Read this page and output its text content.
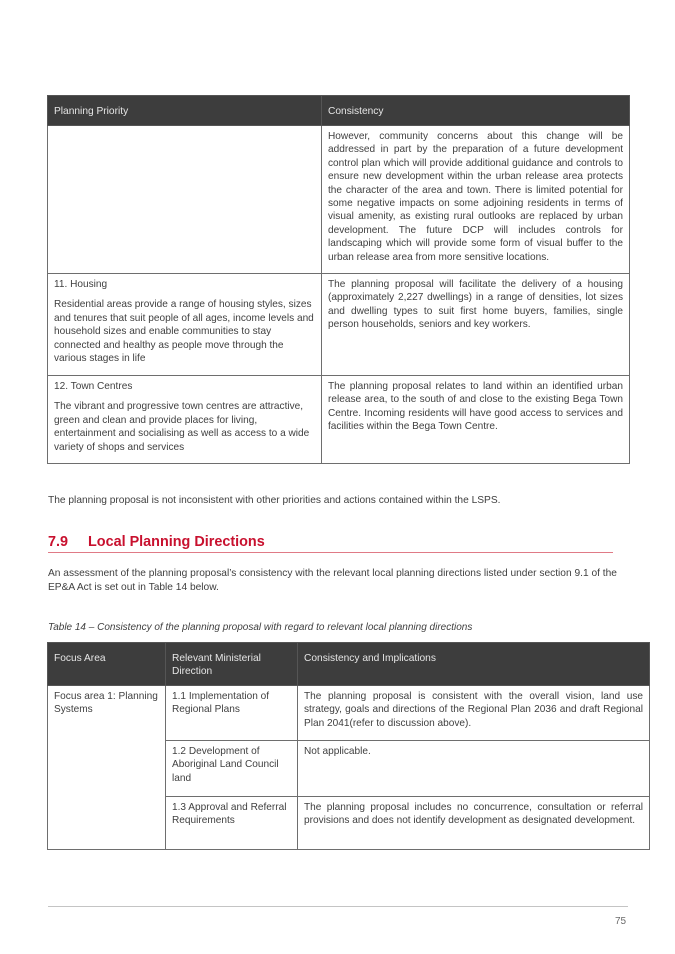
Planning Priority	Consistency
	However, community concerns about this change will be addressed in part by the preparation of a future development control plan which will provide additional guidance and controls to ensure new development within the urban release area protects the character of the area and town. There is limited potential for some negative impacts on some adjoining residents in terms of visual amenity, as existing rural outlooks are replaced by urban development. The future DCP will includes controls for landscaping which will provide some form of visual buffer to the urban release area from more sensitive locations.

11. Housing

Residential areas provide a range of housing styles, sizes and tenures that suit people of all ages, income levels and household sizes and enable communities to stay connected and healthy as people move through the various stages in life

	The planning proposal will facilitate the delivery of a housing (approximately 2,227 dwellings) in a range of densities, lot sizes and dwelling types to suit first home buyers, families, single person households, seniors and key workers.

12. Town Centres

The vibrant and progressive town centres are attractive, green and clean and provide places for living, entertainment and socialising as well as access to a wide variety of shops and services

	The planning proposal relates to land within an identified urban release area, to the south of and close to the existing Bega Town Centre. Incoming residents will have good access to services and facilities within the Bega Town Centre.

The planning proposal is not inconsistent with other priorities and actions contained within the LSPS.

7.9 Local Planning Directions

An assessment of the planning proposal’s consistency with the relevant local planning directions listed under section 9.1 of the EP&A Act is set out in Table 14 below.

Table 14 – Consistency of the planning proposal with regard to relevant local planning directions
Focus Area	Relevant Ministerial Direction	Consistency and Implications
Focus area 1: Planning Systems	1.1 Implementation of Regional Plans	The planning proposal is consistent with the overall vision, land use strategy, goals and directions of the Regional Plan 2036 and draft Regional Plan 2041(refer to discussion above).
	1.2 Development of Aboriginal Land Council land	Not applicable.
	1.3 Approval and Referral Requirements	The planning proposal includes no concurrence, consultation or referral provisions and does not identify development as designated development.
75
